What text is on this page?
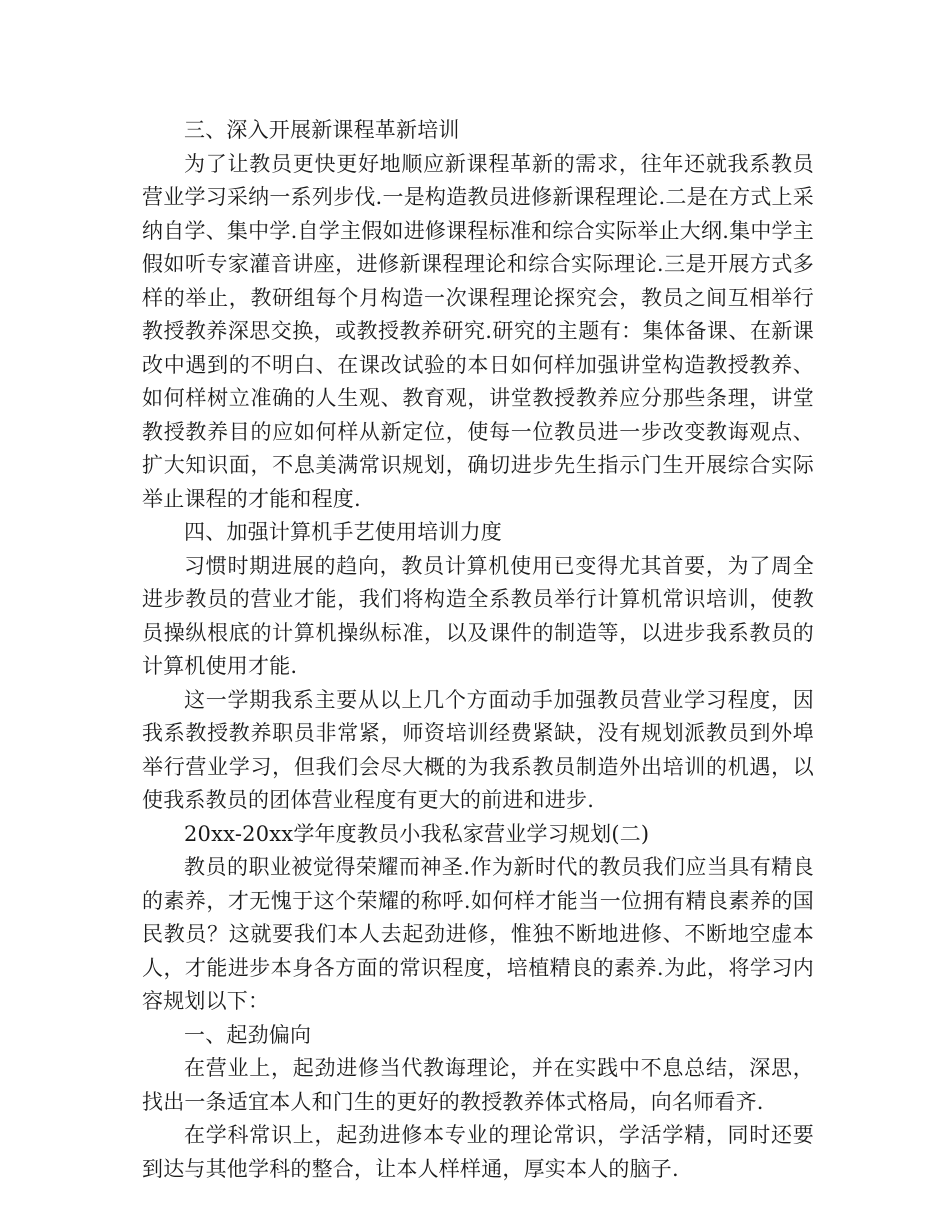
三、深入开展新课程革新培训

为了让教员更快更好地顺应新课程革新的需求，往年还就我系教员营业学习采纳一系列步伐.一是构造教员进修新课程理论.二是在方式上采纳自学、集中学.自学主假如进修课程标准和综合实际举止大纲.集中学主假如听专家灌音讲座，进修新课程理论和综合实际理论.三是开展方式多样的举止，教研组每个月构造一次课程理论探究会，教员之间互相举行教授教养深思交换，或教授教养研究.研究的主题有：集体备课、在新课改中遇到的不明白、在课改试验的本日如何样加强讲堂构造教授教养、如何样树立准确的人生观、教育观，讲堂教授教养应分那些条理，讲堂教授教养目的应如何样从新定位，使每一位教员进一步改变教诲观点、扩大知识面，不息美满常识规划，确切进步先生指示门生开展综合实际举止课程的才能和程度.

四、加强计算机手艺使用培训力度

习惯时期进展的趋向，教员计算机使用已变得尤其首要，为了周全进步教员的营业才能，我们将构造全系教员举行计算机常识培训，使教员操纵根底的计算机操纵标准，以及课件的制造等，以进步我系教员的计算机使用才能.

这一学期我系主要从以上几个方面动手加强教员营业学习程度，因我系教授教养职员非常紧，师资培训经费紧缺，没有规划派教员到外埠举行营业学习，但我们会尽大概的为我系教员制造外出培训的机遇，以使我系教员的团体营业程度有更大的前进和进步.

20xx-20xx学年度教员小我私家营业学习规划(二)

教员的职业被觉得荣耀而神圣.作为新时代的教员我们应当具有精良的素养，才无愧于这个荣耀的称呼.如何样才能当一位拥有精良素养的国民教员？这就要我们本人去起劲进修，惟独不断地进修、不断地空虚本人，才能进步本身各方面的常识程度，培植精良的素养.为此，将学习内容规划以下：

一、起劲偏向

在营业上，起劲进修当代教诲理论，并在实践中不息总结，深思，找出一条适宜本人和门生的更好的教授教养体式格局，向名师看齐.

在学科常识上，起劲进修本专业的理论常识，学活学精，同时还要到达与其他学科的整合，让本人样样通，厚实本人的脑子.
